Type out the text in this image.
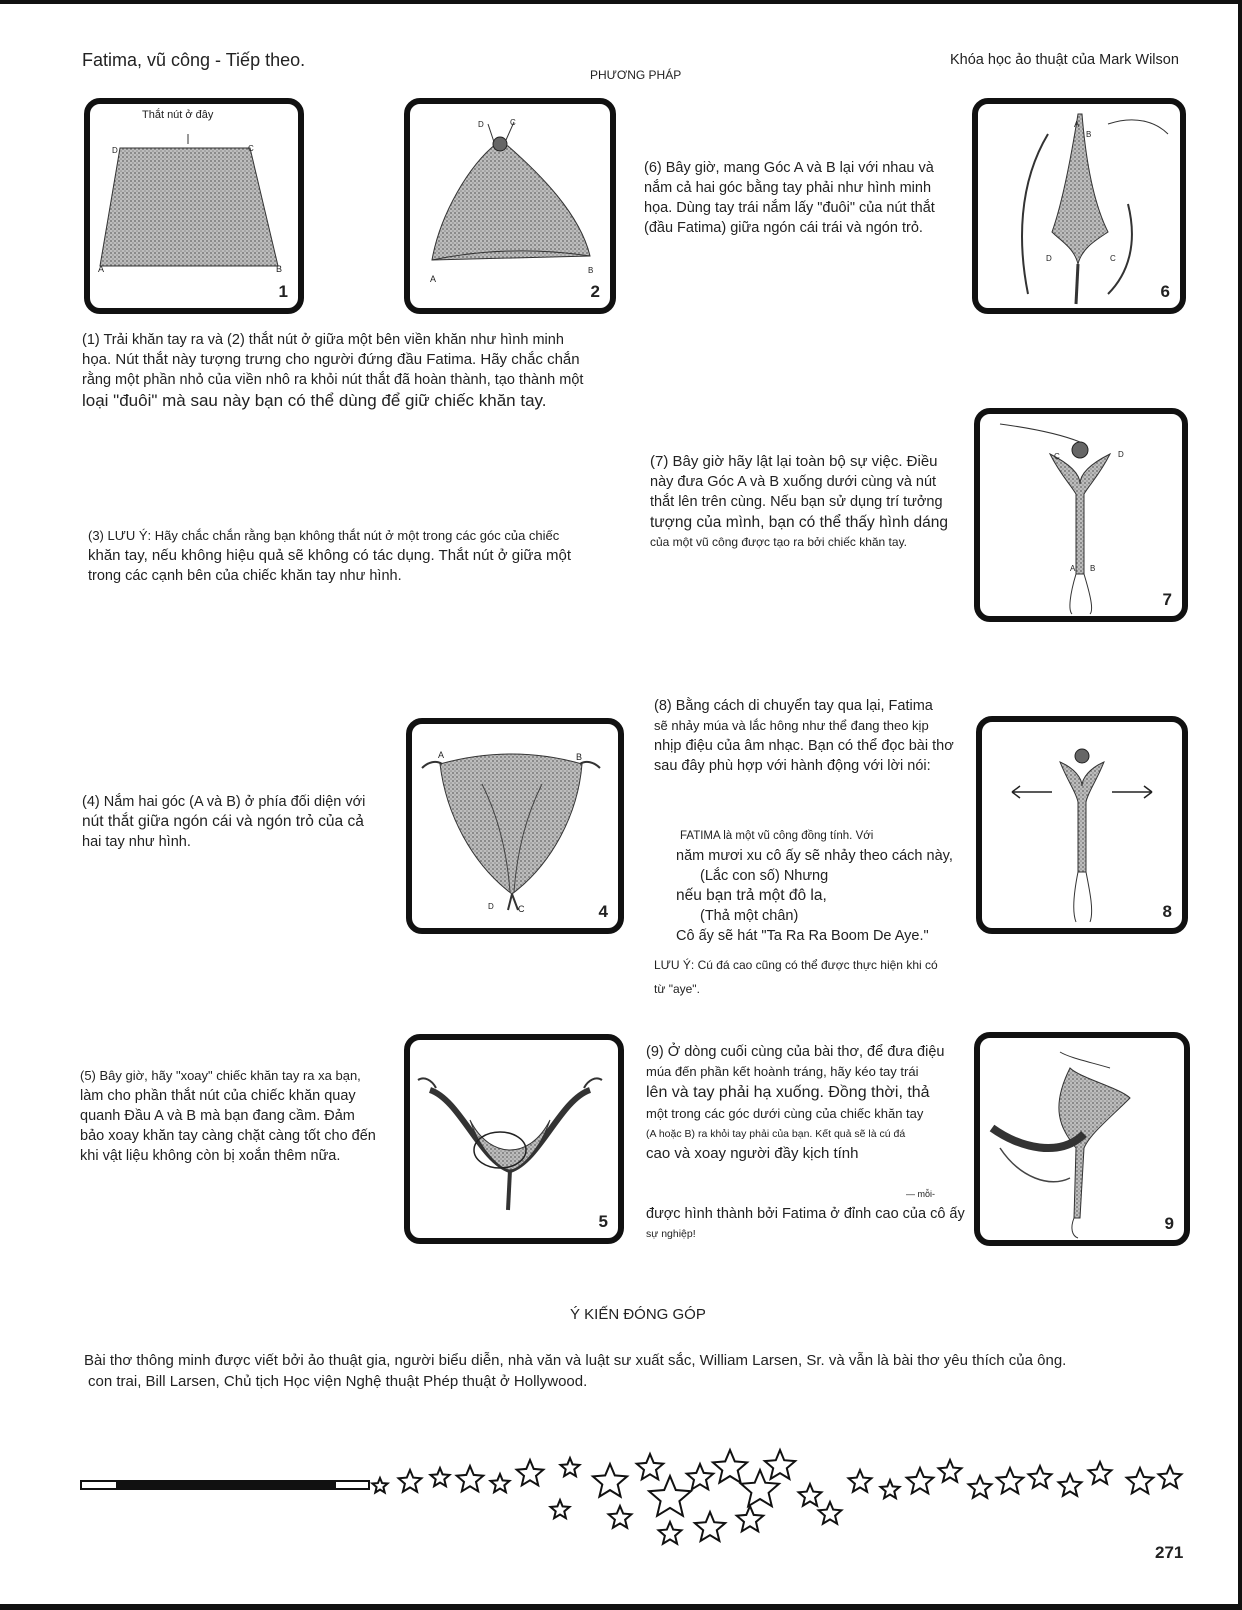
Fatima, vũ công - Tiếp theo.
PHƯƠNG PHÁP
Khóa học ảo thuật của Mark Wilson
Thắt nút ở đây
D	C
A	B
1
D	C
A
B
2
(6) Bây giờ, mang Góc A và B lại với nhau và
nắm cả hai góc bằng tay phải như hình minh
họa. Dùng tay trái nắm lấy "đuôi" của nút thắt
(đầu Fatima) giữa ngón cái trái và ngón trỏ.
A
B
D	C
6
(1) Trải khăn tay ra và (2) thắt nút ở giữa một bên viền khăn như hình minh
họa. Nút thắt này tượng trưng cho người đứng đầu Fatima. Hãy chắc chắn
rằng một phần nhỏ của viền nhô ra khỏi nút thắt đã hoàn thành, tạo thành một
loại "đuôi" mà sau này bạn có thể dùng để giữ chiếc khăn tay.
(7) Bây giờ hãy lật lại toàn bộ sự việc. Điều
này đưa Góc A và B xuống dưới cùng và nút
thắt lên trên cùng. Nếu bạn sử dụng trí tưởng
tượng của mình, bạn có thể thấy hình dáng
của một vũ công được tạo ra bởi chiếc khăn tay.
C	D
A B
7
(3) LƯU Ý: Hãy chắc chắn rằng bạn không thắt nút ở một trong các góc của chiếc
khăn tay, nếu không hiệu quả sẽ không có tác dụng. Thắt nút ở giữa một
trong các cạnh bên của chiếc khăn tay như hình.
(8) Bằng cách di chuyển tay qua lại, Fatima
sẽ nhảy múa và lắc hông như thể đang theo kịp
nhịp điệu của âm nhạc. Bạn có thể đọc bài thơ
sau đây phù hợp với hành động với lời nói:
A	B
D	C	4	8
(4) Nắm hai góc (A và B) ở phía đối diện với
nút thắt giữa ngón cái và ngón trỏ của cả
hai tay như hình.	FATIMA là một vũ công đồng tính. Với
năm mươi xu cô ấy sẽ nhảy theo cách này,
(Lắc con số) Nhưng
nếu bạn trả một đô la,
(Thả một chân)
Cô ấy sẽ hát "Ta Ra Ra Boom De Aye."
LƯU Ý: Cú đá cao cũng có thể được thực hiện khi có
từ "aye".
5
(9) Ở dòng cuối cùng của bài thơ, để đưa điệu
múa đến phần kết hoành tráng, hãy kéo tay trái
lên và tay phải hạ xuống. Đồng thời, thả
một trong các góc dưới cùng của chiếc khăn tay
(A hoặc B) ra khỏi tay phải của bạn. Kết quả sẽ là cú đá
cao và xoay người đầy kịch tính
— mỗi-
được hình thành bởi Fatima ở đỉnh cao của cô ấy
sự nghiệp!
9
(5) Bây giờ, hãy "xoay" chiếc khăn tay ra xa bạn,
làm cho phần thắt nút của chiếc khăn quay
quanh Đầu A và B mà bạn đang cầm. Đảm
bảo xoay khăn tay càng chặt càng tốt cho đến
khi vật liệu không còn bị xoắn thêm nữa.
Ý KIẾN ĐÓNG GÓP
Bài thơ thông minh được viết bởi ảo thuật gia, người biểu diễn, nhà văn và luật sư xuất sắc, William Larsen, Sr. và vẫn là bài thơ yêu thích của ông.
con trai, Bill Larsen, Chủ tịch Học viện Nghệ thuật Phép thuật ở Hollywood.
271
